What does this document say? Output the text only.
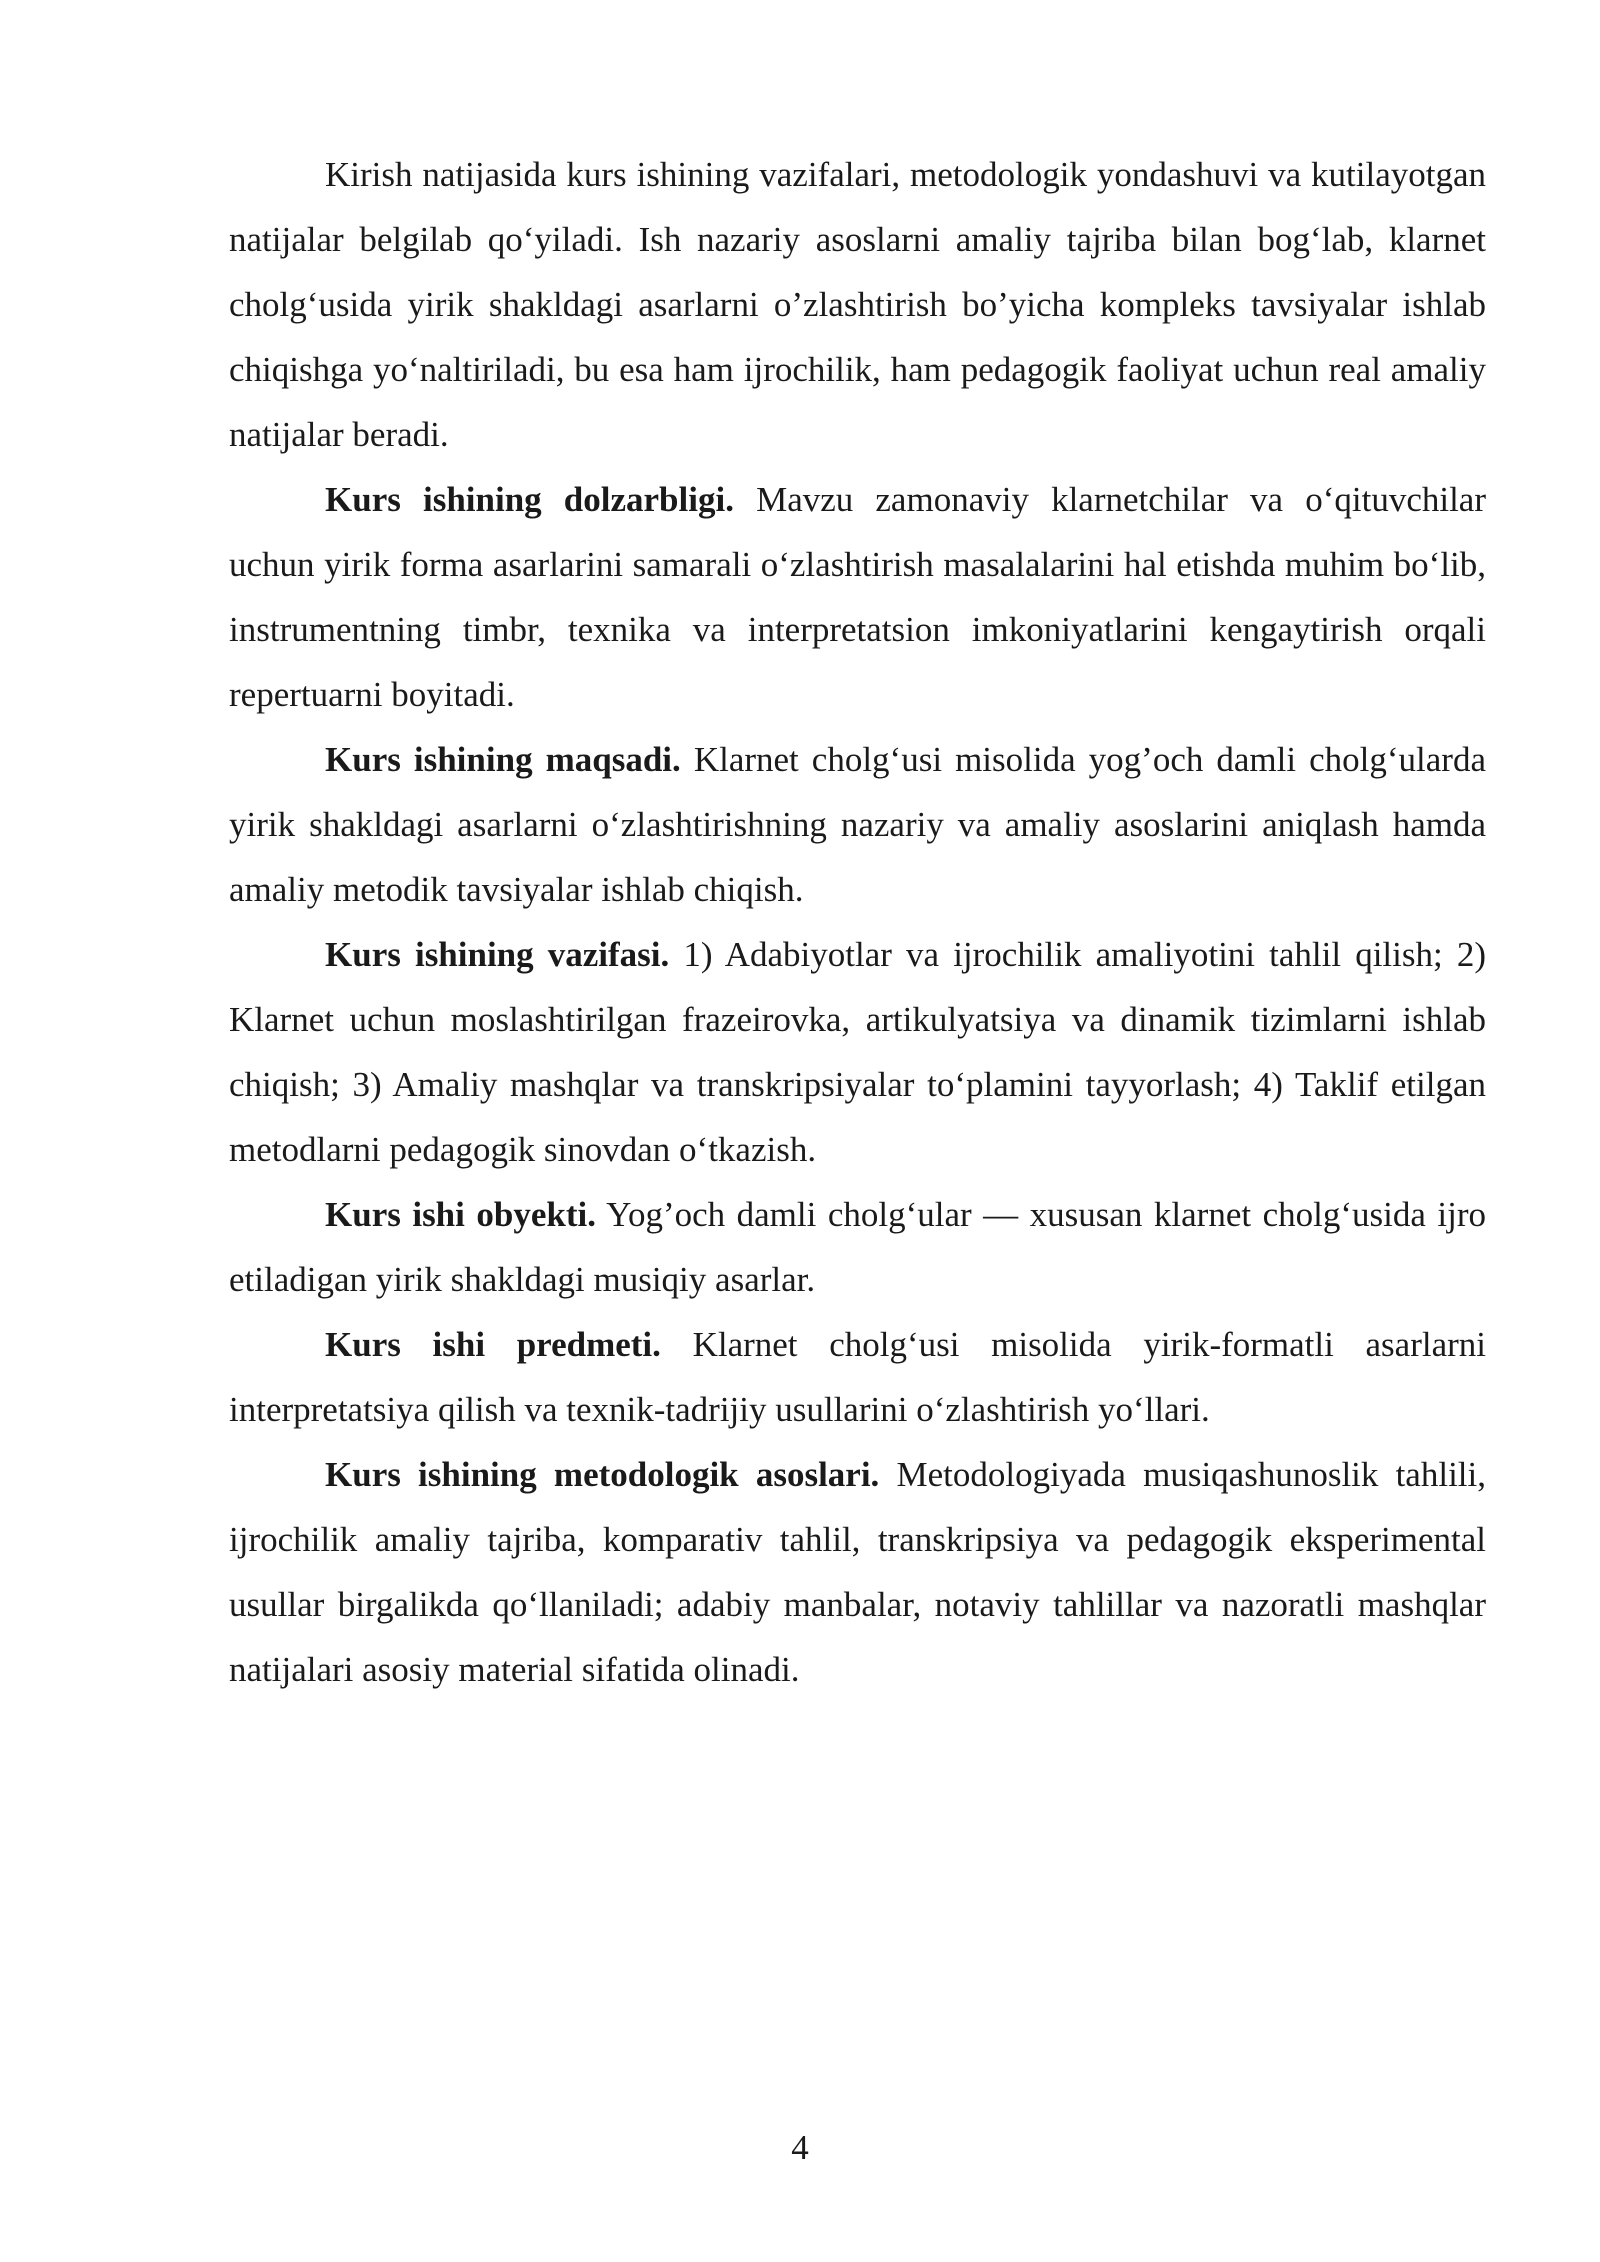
Kirish natijasida kurs ishining vazifalari, metodologik yondashuvi va kutilayotgan natijalar belgilab qo‘yiladi. Ish nazariy asoslarni amaliy tajriba bilan bog‘lab, klarnet cholg‘usida yirik shakldagi asarlarni o’zlashtirish bo’yicha kompleks tavsiyalar ishlab chiqishga yo‘naltiriladi, bu esa ham ijrochilik, ham pedagogik faoliyat uchun real amaliy natijalar beradi.

Kurs ishining dolzarbligi. Mavzu zamonaviy klarnetchilar va o‘qituvchilar uchun yirik forma asarlarini samarali o‘zlashtirish masalalarini hal etishda muhim bo‘lib, instrumentning timbr, texnika va interpretatsion imkoniyatlarini kengaytirish orqali repertuarni boyitadi.

Kurs ishining maqsadi. Klarnet cholg‘usi misolida yog’och damli cholg‘ularda yirik shakldagi asarlarni o‘zlashtirishning nazariy va amaliy asoslarini aniqlash hamda amaliy metodik tavsiyalar ishlab chiqish.

Kurs ishining vazifasi. 1) Adabiyotlar va ijrochilik amaliyotini tahlil qilish; 2) Klarnet uchun moslashtirilgan frazeirovka, artikulyatsiya va dinamik tizimlarni ishlab chiqish; 3) Amaliy mashqlar va transkripsiyalar to‘plamini tayyorlash; 4) Taklif etilgan metodlarni pedagogik sinovdan o‘tkazish.

Kurs ishi obyekti. Yog’och damli cholg‘ular — xususan klarnet cholg‘usida ijro etiladigan yirik shakldagi musiqiy asarlar.

Kurs ishi predmeti. Klarnet cholg‘usi misolida yirik-formatli asarlarni interpretatsiya qilish va texnik-tadrijiy usullarini o‘zlashtirish yo‘llari.

Kurs ishining metodologik asoslari. Metodologiyada musiqashunoslik tahlili, ijrochilik amaliy tajriba, komparativ tahlil, transkripsiya va pedagogik eksperimental usullar birgalikda qo‘llaniladi; adabiy manbalar, notaviy tahlillar va nazoratli mashqlar natijalari asosiy material sifatida olinadi.

4
